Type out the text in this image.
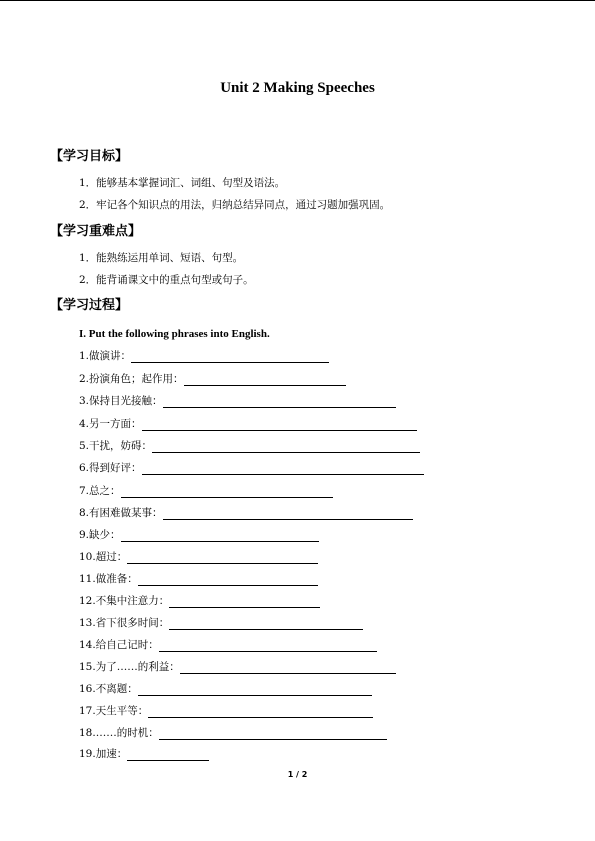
Unit 2 Making Speeches
【学习目标】
1．能够基本掌握词汇、词组、句型及语法。
2．牢记各个知识点的用法，归纳总结异同点，通过习题加强巩固。
【学习重难点】
1．能熟练运用单词、短语、句型。
2．能背诵课文中的重点句型或句子。
【学习过程】
I. Put the following phrases into English.
1.做演讲：
2.扮演角色；起作用：
3.保持目光接触：
4.另一方面：
5.干扰，妨碍：
6.得到好评：
7.总之：
8.有困难做某事：
9.缺少：
10.超过：
11.做准备：
12.不集中注意力：
13.省下很多时间：
14.给自己记时：
15.为了……的利益：
16.不离题：
17.天生平等：
18.……的时机：
19.加速：
1 / 2
